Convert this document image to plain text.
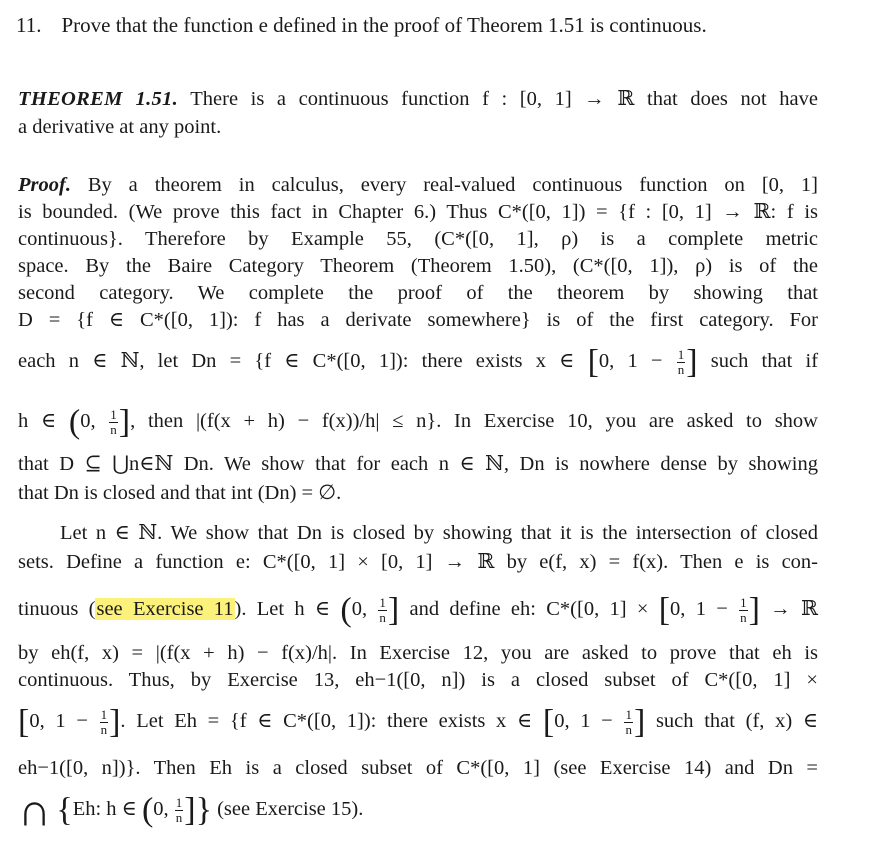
11. Prove that the function e defined in the proof of Theorem 1.51 is continuous.
THEOREM 1.51. There is a continuous function f : [0, 1] → ℝ that does not have
a derivative at any point.
Proof. By a theorem in calculus, every real-valued continuous function on [0, 1]
is bounded. (We prove this fact in Chapter 6.) Thus C*([0, 1]) = {f : [0, 1] → ℝ: f is
continuous}. Therefore by Example 55, (C*([0, 1], ρ) is a complete metric
space. By the Baire Category Theorem (Theorem 1.50), (C*([0, 1]), ρ) is of the
second category. We complete the proof of the theorem by showing that
D = {f ∈ C*([0, 1]): f has a derivate somewhere} is of the first category. For
each n ∈ ℕ, let Dn = {f ∈ C*([0, 1]): there exists x ∈ [0, $1 - \frac{1}{n}$ ] such that if
h ∈ (0, $\frac{1}{n}$ ], then |(f(x + h) − f(x))/h| ≤ n}. In Exercise 10, you are asked to show
that D ⊆ ⋃n∈ℕ Dn. We show that for each n ∈ ℕ, Dn is nowhere dense by showing
that Dn is closed and that int (Dn) = ∅.
Let n ∈ ℕ. We show that Dn is closed by showing that it is the intersection of closed
sets. Define a function e: C*([0, 1] × [0, 1] → ℝ by e(f, x) = f(x). Then e is con-
tinuous (see Exercise 11). Let h ∈ (0, $\frac{1}{n}$ ] and define eh: C*([0, 1] × [0, $1 - \frac{1}{n}$ ] → ℝ
by eh(f, x) = |(f(x + h) − f(x)/h|. In Exercise 12, you are asked to prove that eh is
continuous. Thus, by Exercise 13, eh−1([0, n]) is a closed subset of C*([0, 1] ×
[0, $1 - \frac{1}{n}$ ]. Let Eh = {f ∈ C*([0, 1]): there exists x ∈ [0, $1 - \frac{1}{n}$ ] such that (f, x) ∈
eh−1([0, n])}. Then Eh is a closed subset of C*([0, 1] (see Exercise 14) and Dn =
∩ {Eh: h ∈ (0, $\frac{1}{n}$ ]} (see Exercise 15).
